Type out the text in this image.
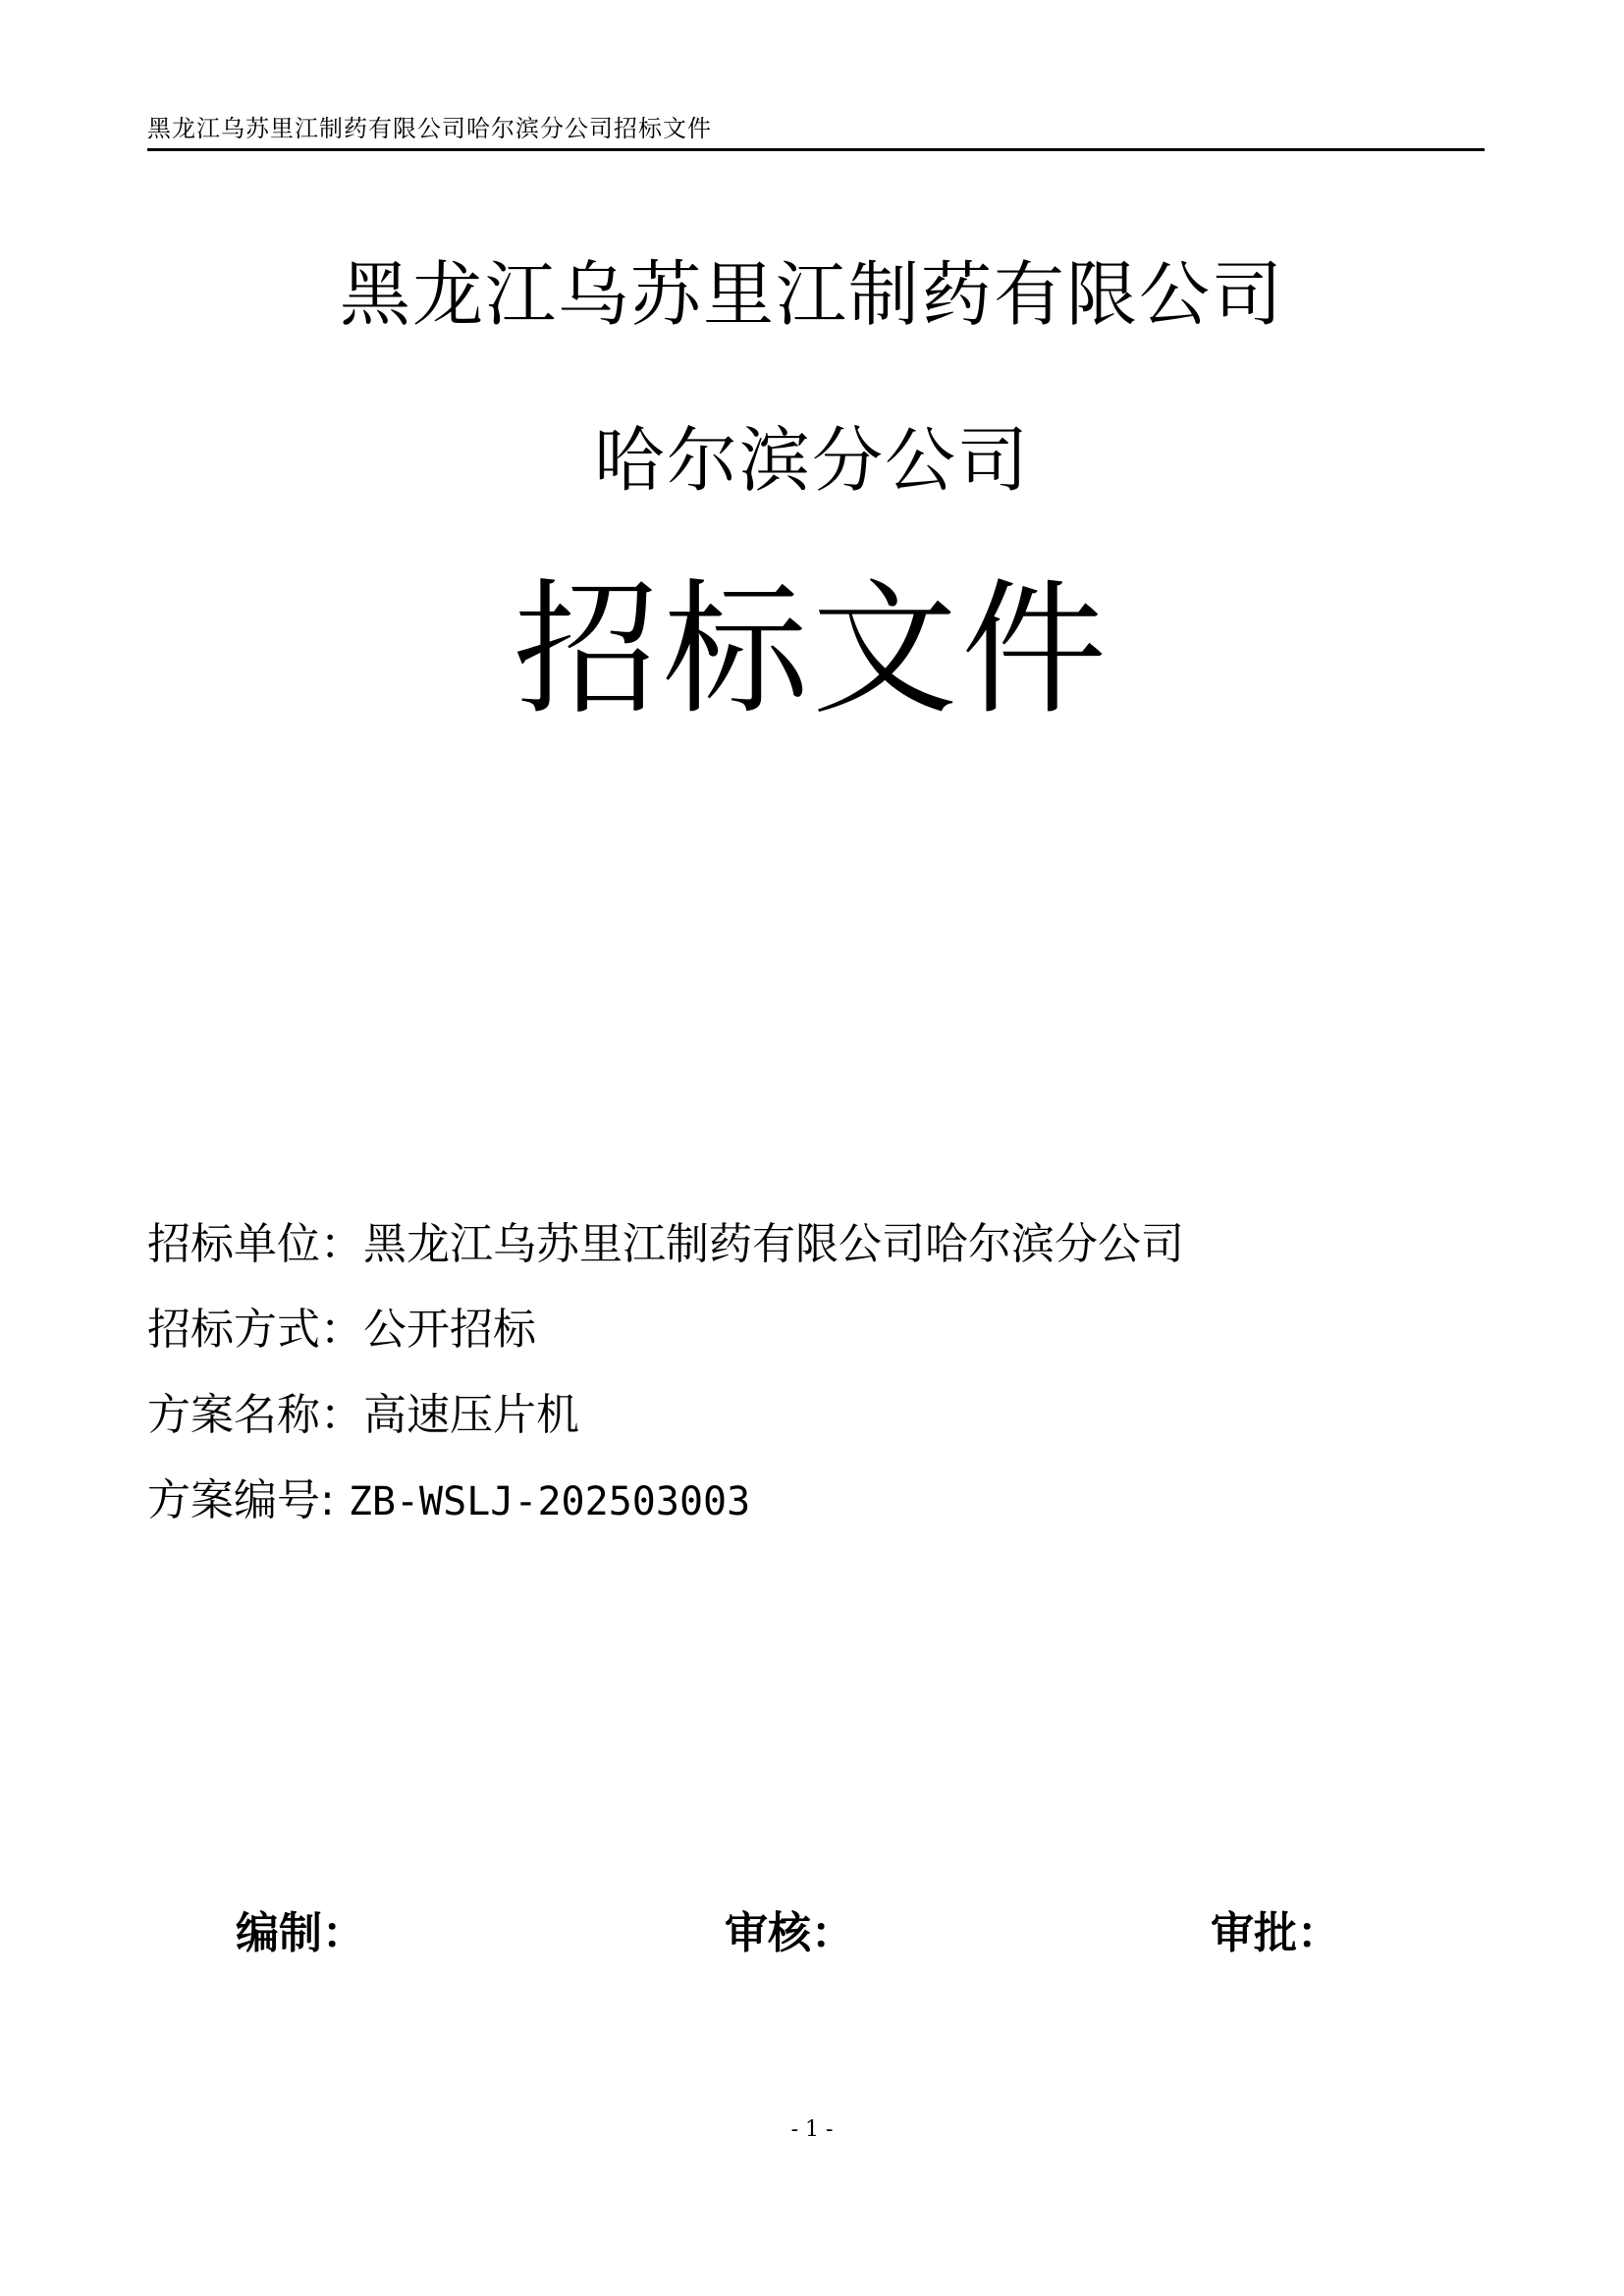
黑龙江乌苏里江制药有限公司哈尔滨分公司招标文件
黑龙江乌苏里江制药有限公司
哈尔滨分公司
招标文件
招标单位：黑龙江乌苏里江制药有限公司哈尔滨分公司
招标方式：公开招标
方案名称：高速压片机
方案编号: ZB-WSLJ-202503003
编制：	审核：	审批：
- 1 -
